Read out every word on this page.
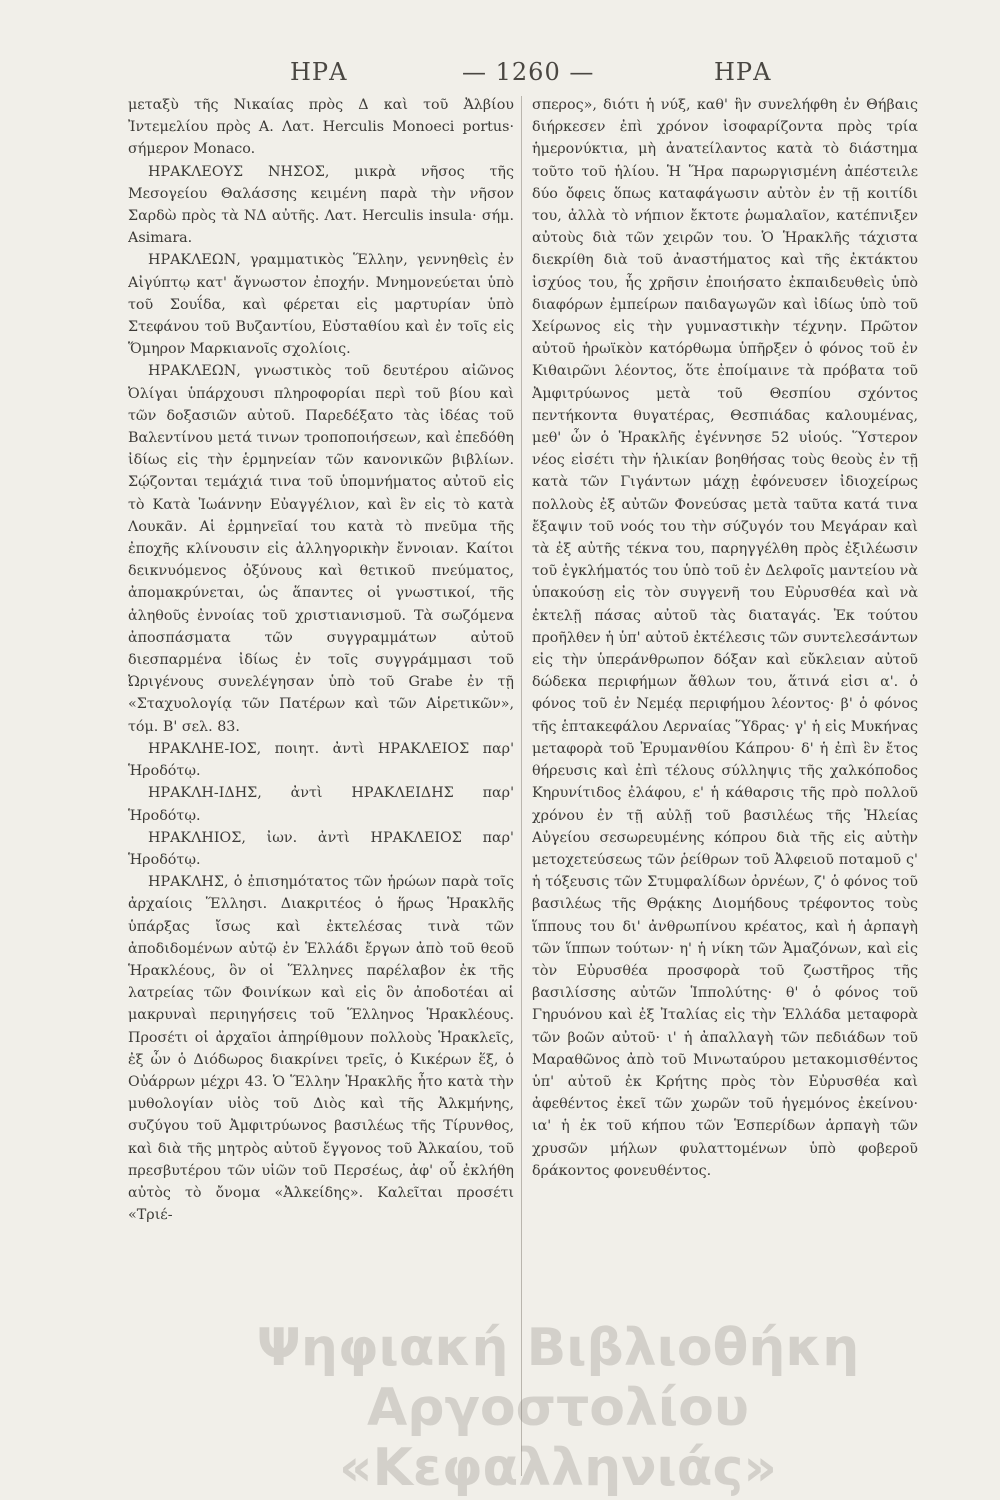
ΗΡΑ	— 1260 —	ΗΡΑ

μεταξὺ τῆς Νικαίας πρὸς Δ καὶ τοῦ Ἀλβίου Ἰντεμελίου πρὸς Α. Λατ. Herculis Monoeci portus· σήμερον Monaco.

ΗΡΑΚΛΕΟΥΣ ΝΗΣΟΣ, μικρὰ νῆσος τῆς Μεσογείου Θαλάσσης κειμένη παρὰ τὴν νῆσον Σαρδὼ πρὸς τὰ ΝΔ αὐτῆς. Λατ. Herculis insula· σήμ. Asimara.

ΗΡΑΚΛΕΩΝ, γραμματικὸς Ἕλλην, γεννηθεὶς ἐν Αἰγύπτῳ κατ' ἄγνωστον ἐποχήν. Μνημονεύεται ὑπὸ τοῦ Σουΐδα, καὶ φέρεται εἰς μαρτυρίαν ὑπὸ Στεφάνου τοῦ Βυζαντίου, Εὐσταθίου καὶ ἐν τοῖς εἰς Ὅμηρον Μαρκιανοῖς σχολίοις.

ΗΡΑΚΛΕΩΝ, γνωστικὸς τοῦ δευτέρου αἰῶνος Ὀλίγαι ὑπάρχουσι πληροφορίαι περὶ τοῦ βίου καὶ τῶν δοξασιῶν αὐτοῦ. Παρεδέξατο τὰς ἰδέας τοῦ Βαλεντίνου μετά τινων τροποποιήσεων, καὶ ἐπεδόθη ἰδίως εἰς τὴν ἑρμηνείαν τῶν κανονικῶν βιβλίων. Σῴζονται τεμάχιά τινα τοῦ ὑπομνήματος αὐτοῦ εἰς τὸ Κατὰ Ἰωάννην Εὐαγγέλιον, καὶ ἓν εἰς τὸ κατὰ Λουκᾶν. Αἱ ἑρμηνεῖαί του κατὰ τὸ πνεῦμα τῆς ἐποχῆς κλίνουσιν εἰς ἀλληγορικὴν ἔννοιαν. Καίτοι δεικνυόμενος ὀξύνους καὶ θετικοῦ πνεύματος, ἀπομακρύνεται, ὡς ἅπαντες οἱ γνωστικοί, τῆς ἀληθοῦς ἐννοίας τοῦ χριστιανισμοῦ. Τὰ σωζόμενα ἀποσπάσματα τῶν συγγραμμάτων αὐτοῦ διεσπαρμένα ἰδίως ἐν τοῖς συγγράμμασι τοῦ Ὠριγένους συνελέγησαν ὑπὸ τοῦ Grabe ἐν τῇ «Σταχυολογίᾳ τῶν Πατέρων καὶ τῶν Αἱρετικῶν», τόμ. Β' σελ. 83.

ΗΡΑΚΛΗΕ-ΙΟΣ, ποιητ. ἀντὶ ΗΡΑΚΛΕΙΟΣ παρ' Ἡροδότῳ.

ΗΡΑΚΛΗ-ΙΔΗΣ, ἀντὶ ΗΡΑΚΛΕΙΔΗΣ παρ' Ἡροδότῳ.

ΗΡΑΚΛΗΙΟΣ, ἰων. ἀντὶ ΗΡΑΚΛΕΙΟΣ παρ' Ἡροδότῳ.

ΗΡΑΚΛΗΣ, ὁ ἐπισημότατος τῶν ἡρώων παρὰ τοῖς ἀρχαίοις Ἕλλησι. Διακριτέος ὁ ἥρως Ἡρακλῆς ὑπάρξας ἴσως καὶ ἐκτελέσας τινὰ τῶν ἀποδιδομένων αὐτῷ ἐν Ἑλλάδι ἔργων ἀπὸ τοῦ θεοῦ Ἡρακλέους, ὃν οἱ Ἕλληνες παρέλαβον ἐκ τῆς λατρείας τῶν Φοινίκων καὶ εἰς ὃν ἀποδοτέαι αἱ μακρυναὶ περιηγήσεις τοῦ Ἕλληνος Ἡρακλέους. Προσέτι οἱ ἀρχαῖοι ἀπηρίθμουν πολλοὺς Ἡρακλεῖς, ἐξ ὧν ὁ Διόδωρος διακρίνει τρεῖς, ὁ Κικέρων ἕξ, ὁ Οὐάρρων μέχρι 43. Ὁ Ἕλλην Ἡρακλῆς ἦτο κατὰ τὴν μυθολογίαν υἱὸς τοῦ Διὸς καὶ τῆς Ἀλκμήνης, συζύγου τοῦ Ἀμφιτρύωνος βασιλέως τῆς Τίρυνθος, καὶ διὰ τῆς μητρὸς αὐτοῦ ἔγγονος τοῦ Ἀλκαίου, τοῦ πρεσβυτέρου τῶν υἱῶν τοῦ Περσέως, ἀφ' οὗ ἐκλήθη αὐτὸς τὸ ὄνομα «Ἀλκείδης». Καλεῖται προσέτι «Τριέ-

σπερος», διότι ἡ νύξ, καθ' ἣν συνελήφθη ἐν Θήβαις διήρκεσεν ἐπὶ χρόνον ἰσοφαρίζοντα πρὸς τρία ἡμερονύκτια, μὴ ἀνατείλαντος κατὰ τὸ διάστημα τοῦτο τοῦ ἡλίου. Ἡ Ἥρα παρωργισμένη ἀπέστειλε δύο ὄφεις ὅπως καταφάγωσιν αὐτὸν ἐν τῇ κοιτίδι του, ἀλλὰ τὸ νήπιον ἔκτοτε ῥωμαλαῖον, κατέπνιξεν αὐτοὺς διὰ τῶν χειρῶν του. Ὁ Ἡρακλῆς τάχιστα διεκρίθη διὰ τοῦ ἀναστήματος καὶ τῆς ἐκτάκτου ἰσχύος του, ἧς χρῆσιν ἐποιήσατο ἐκπαιδευθεὶς ὑπὸ διαφόρων ἐμπείρων παιδαγωγῶν καὶ ἰδίως ὑπὸ τοῦ Χείρωνος εἰς τὴν γυμναστικὴν τέχνην. Πρῶτον αὐτοῦ ἡρωϊκὸν κατόρθωμα ὑπῆρξεν ὁ φόνος τοῦ ἐν Κιθαιρῶνι λέοντος, ὅτε ἐποίμαινε τὰ πρόβατα τοῦ Ἀμφιτρύωνος μετὰ τοῦ Θεσπίου σχόντος πεντήκοντα θυγατέρας, Θεσπιάδας καλουμένας, μεθ' ὧν ὁ Ἡρακλῆς ἐγέννησε 52 υἱούς. Ὕστερον νέος εἰσέτι τὴν ἡλικίαν βοηθήσας τοὺς θεοὺς ἐν τῇ κατὰ τῶν Γιγάντων μάχῃ ἐφόνευσεν ἰδιοχείρως πολλοὺς ἐξ αὐτῶν Φονεύσας μετὰ ταῦτα κατά τινα ἔξαψιν τοῦ νοός του τὴν σύζυγόν του Μεγάραν καὶ τὰ ἐξ αὐτῆς τέκνα του, παρηγγέλθη πρὸς ἐξιλέωσιν τοῦ ἐγκλήματός του ὑπὸ τοῦ ἐν Δελφοῖς μαντείου νὰ ὑπακούσῃ εἰς τὸν συγγενῆ του Εὐρυσθέα καὶ νὰ ἐκτελῇ πάσας αὐτοῦ τὰς διαταγάς. Ἐκ τούτου προῆλθεν ἡ ὑπ' αὐτοῦ ἐκτέλεσις τῶν συντελεσάντων εἰς τὴν ὑπεράνθρωπον δόξαν καὶ εὔκλειαν αὐτοῦ δώδεκα περιφήμων ἄθλων του, ἅτινά εἰσι α'. ὁ φόνος τοῦ ἐν Νεμέᾳ περιφήμου λέοντος· β' ὁ φόνος τῆς ἑπτακεφάλου Λερναίας Ὕδρας· γ' ἡ εἰς Μυκήνας μεταφορὰ τοῦ Ἐρυμανθίου Κάπρου· δ' ἡ ἐπὶ ἓν ἔτος θήρευσις καὶ ἐπὶ τέλους σύλληψις τῆς χαλκόποδος Κηρυνίτιδος ἐλάφου, ε' ἡ κάθαρσις τῆς πρὸ πολλοῦ χρόνου ἐν τῇ αὐλῇ τοῦ βασιλέως τῆς Ἠλείας Αὐγείου σεσωρευμένης κόπρου διὰ τῆς εἰς αὐτὴν μετοχετεύσεως τῶν ῥείθρων τοῦ Ἀλφειοῦ ποταμοῦ ς' ἡ τόξευσις τῶν Στυμφαλίδων ὀρνέων, ζ' ὁ φόνος τοῦ βασιλέως τῆς Θρᾴκης Διομήδους τρέφοντος τοὺς ἵππους του δι' ἀνθρωπίνου κρέατος, καὶ ἡ ἁρπαγὴ τῶν ἵππων τούτων· η' ἡ νίκη τῶν Ἀμαζόνων, καὶ εἰς τὸν Εὐρυσθέα προσφορὰ τοῦ ζωστῆρος τῆς βασιλίσσης αὐτῶν Ἱππολύτης· θ' ὁ φόνος τοῦ Γηρυόνου καὶ ἐξ Ἰταλίας εἰς τὴν Ἑλλάδα μεταφορὰ τῶν βοῶν αὐτοῦ· ι' ἡ ἀπαλλαγὴ τῶν πεδιάδων τοῦ Μαραθῶνος ἀπὸ τοῦ Μινωταύρου μετακομισθέντος ὑπ' αὐτοῦ ἐκ Κρήτης πρὸς τὸν Εὐρυσθέα καὶ ἀφεθέντος ἐκεῖ τῶν χωρῶν τοῦ ἡγεμόνος ἐκείνου· ια' ἡ ἐκ τοῦ κήπου τῶν Ἑσπερίδων ἁρπαγὴ τῶν χρυσῶν μήλων φυλαττομένων ὑπὸ φοβεροῦ δράκοντος φονευθέντος.

Ψηφιακή Βιβλιοθήκη
Αργοστολίου «Κεφαλληνιάς»
